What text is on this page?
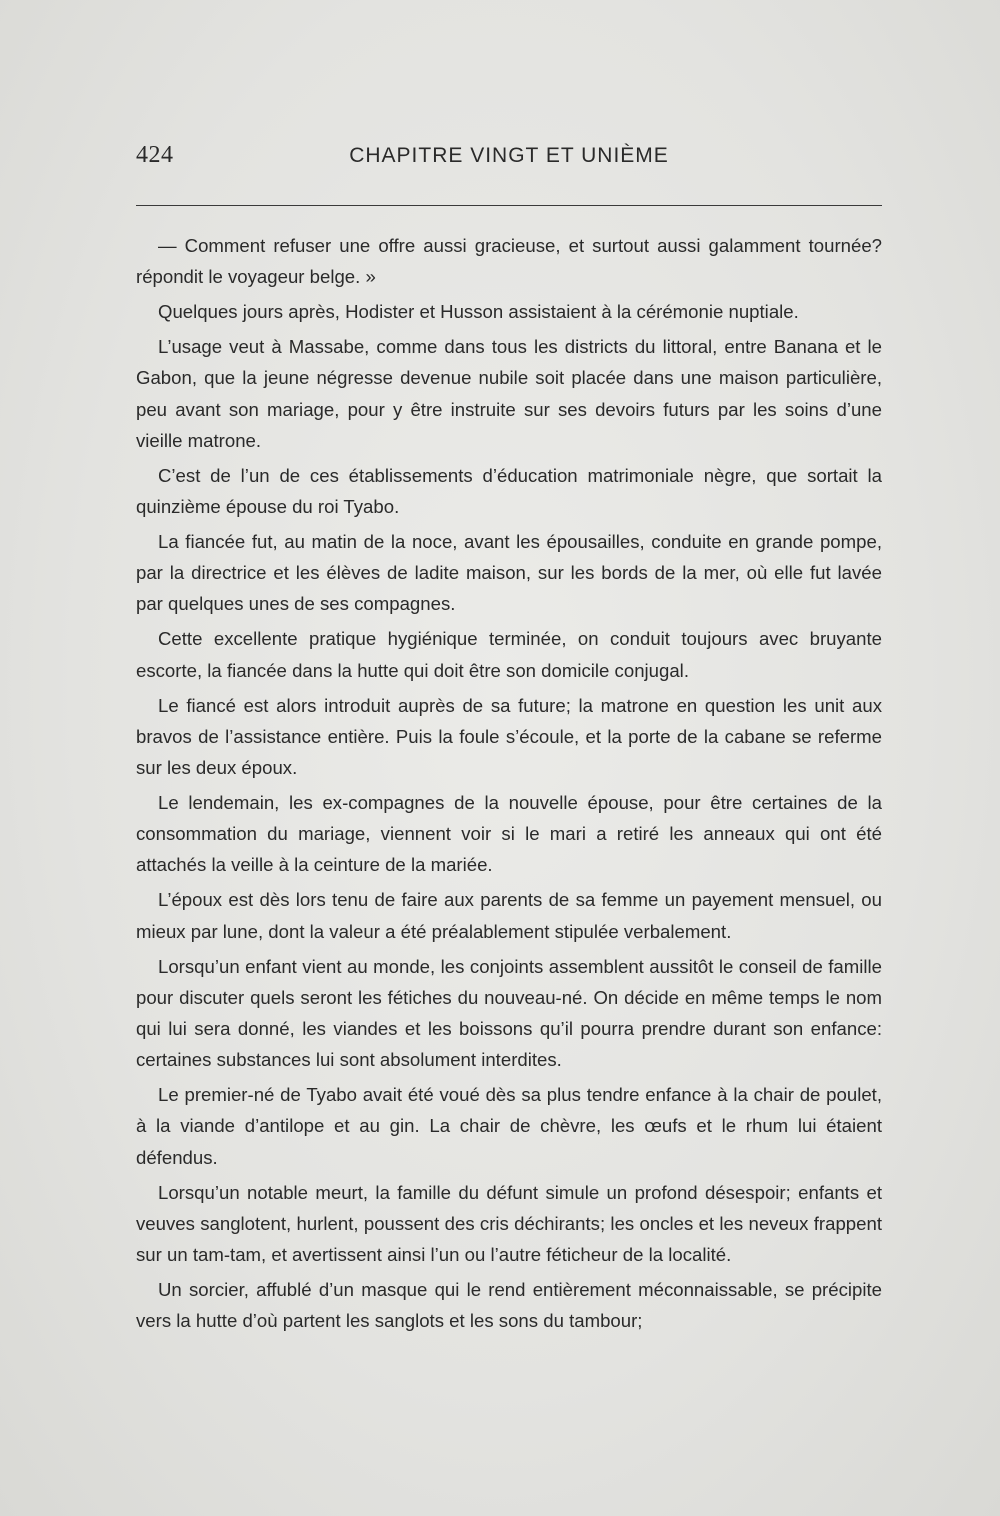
424	CHAPITRE VINGT ET UNIÈME

— Comment refuser une offre aussi gracieuse, et surtout aussi galamment tournée? répondit le voyageur belge. »

Quelques jours après, Hodister et Husson assistaient à la cérémonie nuptiale.

L’usage veut à Massabe, comme dans tous les districts du littoral, entre Banana et le Gabon, que la jeune négresse devenue nubile soit placée dans une maison particulière, peu avant son mariage, pour y être instruite sur ses devoirs futurs par les soins d’une vieille matrone.

C’est de l’un de ces établissements d’éducation matrimoniale nègre, que sortait la quinzième épouse du roi Tyabo.

La fiancée fut, au matin de la noce, avant les épousailles, conduite en grande pompe, par la directrice et les élèves de ladite maison, sur les bords de la mer, où elle fut lavée par quelques unes de ses compagnes.

Cette excellente pratique hygiénique terminée, on conduit toujours avec bruyante escorte, la fiancée dans la hutte qui doit être son domicile conjugal.

Le fiancé est alors introduit auprès de sa future; la matrone en question les unit aux bravos de l’assistance entière. Puis la foule s’écoule, et la porte de la cabane se referme sur les deux époux.

Le lendemain, les ex-compagnes de la nouvelle épouse, pour être certaines de la consommation du mariage, viennent voir si le mari a retiré les anneaux qui ont été attachés la veille à la ceinture de la mariée.

L’époux est dès lors tenu de faire aux parents de sa femme un payement mensuel, ou mieux par lune, dont la valeur a été préalablement stipulée verbalement.

Lorsqu’un enfant vient au monde, les conjoints assemblent aussitôt le conseil de famille pour discuter quels seront les fétiches du nouveau-né. On décide en même temps le nom qui lui sera donné, les viandes et les boissons qu’il pourra prendre durant son enfance: certaines substances lui sont absolument interdites.

Le premier-né de Tyabo avait été voué dès sa plus tendre enfance à la chair de poulet, à la viande d’antilope et au gin. La chair de chèvre, les œufs et le rhum lui étaient défendus.

Lorsqu’un notable meurt, la famille du défunt simule un profond désespoir; enfants et veuves sanglotent, hurlent, poussent des cris déchirants; les oncles et les neveux frappent sur un tam-tam, et avertissent ainsi l’un ou l’autre féticheur de la localité.

Un sorcier, affublé d’un masque qui le rend entièrement méconnaissable, se précipite vers la hutte d’où partent les sanglots et les sons du tambour;
